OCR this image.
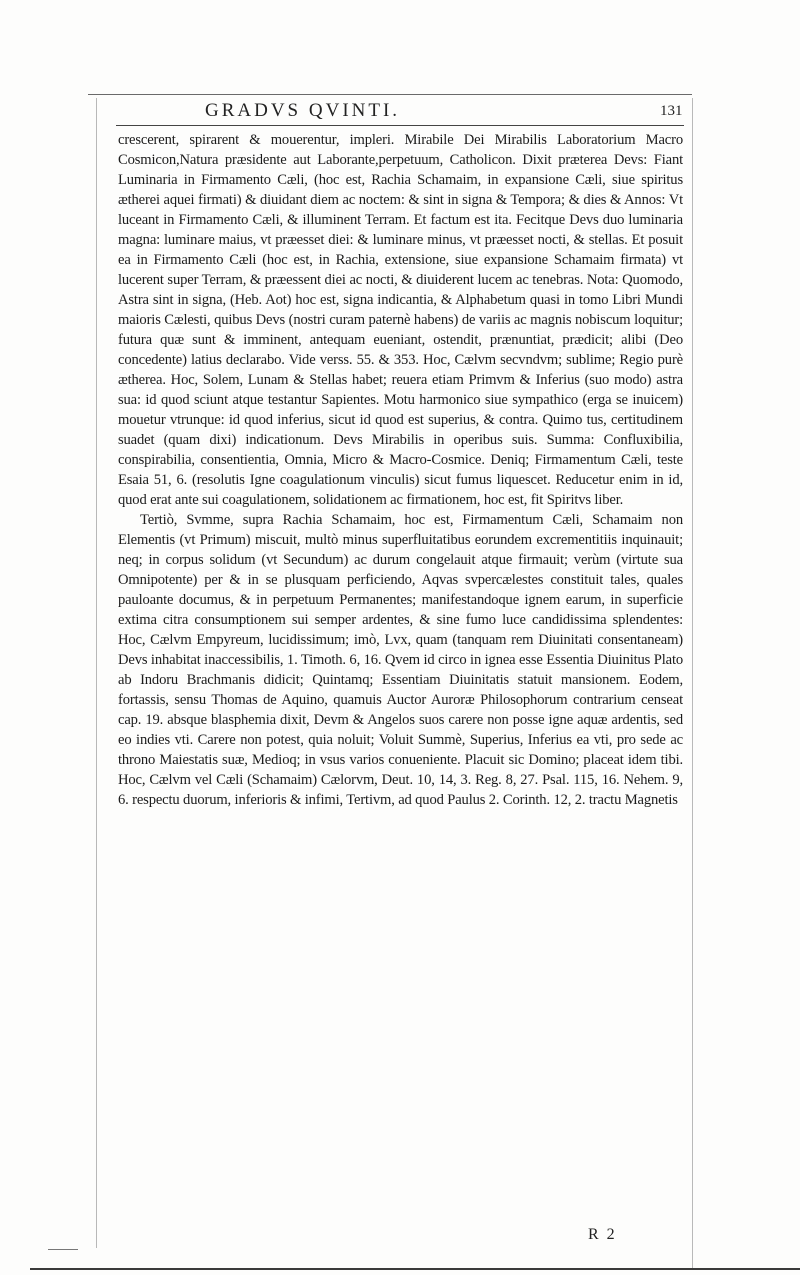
GRADVS QVINTI.	131

crescerent, spirarent & mouerentur, impleri. Mirabile Dei Mirabilis Laboratorium Macro Cosmicon,Natura præsidente aut Laborante,perpetuum, Catholicon. Dixit præterea Devs: Fiant Luminaria in Firmamento Cæli, (hoc est, Rachia Schamaim, in expansione Cæli, siue spiritus ætherei aquei firmati) & diuidant diem ac noctem: & sint in signa & Tempora; & dies & Annos: Vt luceant in Firmamento Cæli, & illuminent Terram. Et factum est ita. Fecitque Devs duo luminaria magna: luminare maius, vt præesset diei: & luminare minus, vt præesset nocti, & stellas. Et posuit ea in Firmamento Cæli (hoc est, in Rachia, extensione, siue expansione Schamaim firmata) vt lucerent super Terram, & præessent diei ac nocti, & diuiderent lucem ac tenebras. Nota: Quomodo, Astra sint in signa, (Heb. Aot) hoc est, signa indicantia, & Alphabetum quasi in tomo Libri Mundi maioris Cælesti, quibus Devs (nostri curam paternè habens) de variis ac magnis nobiscum loquitur; futura quæ sunt & imminent, antequam eueniant, ostendit, prænuntiat, prædicit; alibi (Deo concedente) latius declarabo. Vide verss. 55. & 353. Hoc, Cælvm secvndvm; sublime; Regio purè ætherea. Hoc, Solem, Lunam & Stellas habet; reuera etiam Primvm & Inferius (suo modo) astra sua: id quod sciunt atque testantur Sapientes. Motu harmonico siue sympathico (erga se inuicem) mouetur vtrunque: id quod inferius, sicut id quod est superius, & contra. Quimo tus, certitudinem suadet (quam dixi) indicationum. Devs Mirabilis in operibus suis. Summa: Confluxibilia, conspirabilia, consentientia, Omnia, Micro & Macro-Cosmice. Deniq; Firmamentum Cæli, teste Esaia 51, 6. (resolutis Igne coagulationum vinculis) sicut fumus liquescet. Reducetur enim in id, quod erat ante sui coagulationem, solidationem ac firmationem, hoc est, fit Spiritvs liber.

Tertiò, Svmme, supra Rachia Schamaim, hoc est, Firmamentum Cæli, Schamaim non Elementis (vt Primum) miscuit, multò minus superfluitatibus eorundem excrementitiis inquinauit; neq; in corpus solidum (vt Secundum) ac durum congelauit atque firmauit; verùm (virtute sua Omnipotente) per & in se plusquam perficiendo, Aqvas svpercælestes constituit tales, quales pauloante documus, & in perpetuum Permanentes; manifestandoque ignem earum, in superficie extima citra consumptionem sui semper ardentes, & sine fumo luce candidissima splendentes: Hoc, Cælvm Empyreum, lucidissimum; imò, Lvx, quam (tanquam rem Diuinitati consentaneam) Devs inhabitat inaccessibilis, 1. Timoth. 6, 16. Qvem id circo in ignea esse Essentia Diuinitus Plato ab Indoru Brachmanis didicit; Quintamq; Essentiam Diuinitatis statuit mansionem. Eodem, fortassis, sensu Thomas de Aquino, quamuis Auctor Auroræ Philosophorum contrarium censeat cap. 19. absque blasphemia dixit, Devm & Angelos suos carere non posse igne aquæ ardentis, sed eo indies vti. Carere non potest, quia noluit; Voluit Summè, Superius, Inferius ea vti, pro sede ac throno Maiestatis suæ, Medioq; in vsus varios conueniente. Placuit sic Domino; placeat idem tibi. Hoc, Cælvm vel Cæli (Schamaim) Cælorvm, Deut. 10, 14, 3. Reg. 8, 27. Psal. 115, 16. Nehem. 9, 6. respectu duorum, inferioris & infimi, Tertivm, ad quod Paulus 2. Corinth. 12, 2. tractu Magnetis

R 2
